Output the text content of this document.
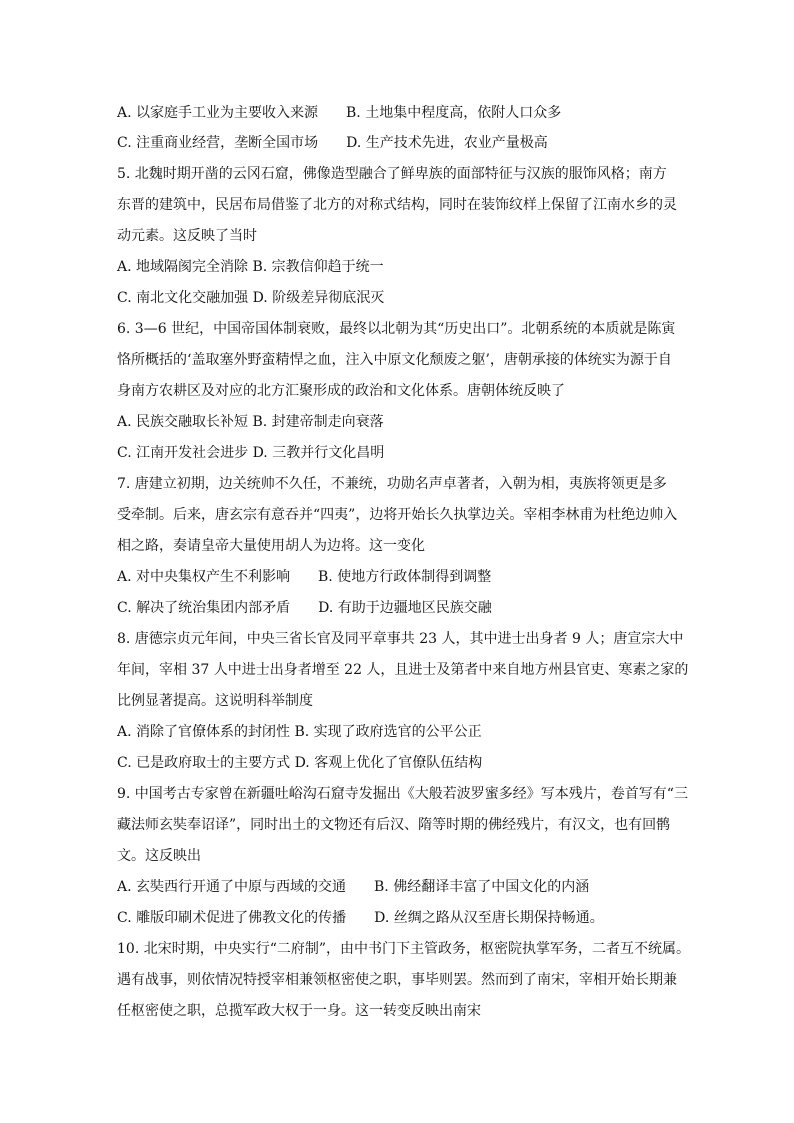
A. 以家庭手工业为主要收入来源　　B. 土地集中程度高，依附人口众多
C. 注重商业经营，垄断全国市场　　D. 生产技术先进，农业产量极高
5. 北魏时期开凿的云冈石窟，佛像造型融合了鲜卑族的面部特征与汉族的服饰风格；南方
东晋的建筑中，民居布局借鉴了北方的对称式结构，同时在装饰纹样上保留了江南水乡的灵
动元素。这反映了当时
A. 地域隔阂完全消除 B. 宗教信仰趋于统一
C. 南北文化交融加强 D. 阶级差异彻底泯灭
6. 3—6 世纪，中国帝国体制衰败，最终以北朝为其“历史出口”。北朝系统的本质就是陈寅
恪所概括的‘盖取塞外野蛮精悍之血，注入中原文化颓废之躯’，唐朝承接的体统实为源于自
身南方农耕区及对应的北方汇聚形成的政治和文化体系。唐朝体统反映了
A. 民族交融取长补短 B. 封建帝制走向衰落
C. 江南开发社会进步 D. 三教并行文化昌明
7. 唐建立初期，边关统帅不久任，不兼统，功勋名声卓著者，入朝为相，夷族将领更是多
受牵制。后来，唐玄宗有意吞并“四夷”，边将开始长久执掌边关。宰相李林甫为杜绝边帅入
相之路，奏请皇帝大量使用胡人为边将。这一变化
A. 对中央集权产生不利影响　　B. 使地方行政体制得到调整
C. 解决了统治集团内部矛盾　　D. 有助于边疆地区民族交融
8. 唐德宗贞元年间，中央三省长官及同平章事共 23 人，其中进士出身者 9 人；唐宣宗大中
年间，宰相 37 人中进士出身者增至 22 人，且进士及第者中来自地方州县官吏、寒素之家的
比例显著提高。这说明科举制度
A. 消除了官僚体系的封闭性 B. 实现了政府选官的公平公正
C. 已是政府取士的主要方式 D. 客观上优化了官僚队伍结构
9. 中国考古专家曾在新疆吐峪沟石窟寺发掘出《大般若波罗蜜多经》写本残片，卷首写有“三
藏法师玄奘奉诏译”，同时出土的文物还有后汉、隋等时期的佛经残片，有汉文，也有回鹘
文。这反映出
A. 玄奘西行开通了中原与西域的交通　　B. 佛经翻译丰富了中国文化的内涵
C. 雕版印刷术促进了佛教文化的传播　　D. 丝绸之路从汉至唐长期保持畅通。
10. 北宋时期，中央实行“二府制”，由中书门下主管政务，枢密院执掌军务，二者互不统属。
遇有战事，则依情况特授宰相兼领枢密使之职，事毕则罢。然而到了南宋，宰相开始长期兼
任枢密使之职，总揽军政大权于一身。这一转变反映出南宋
